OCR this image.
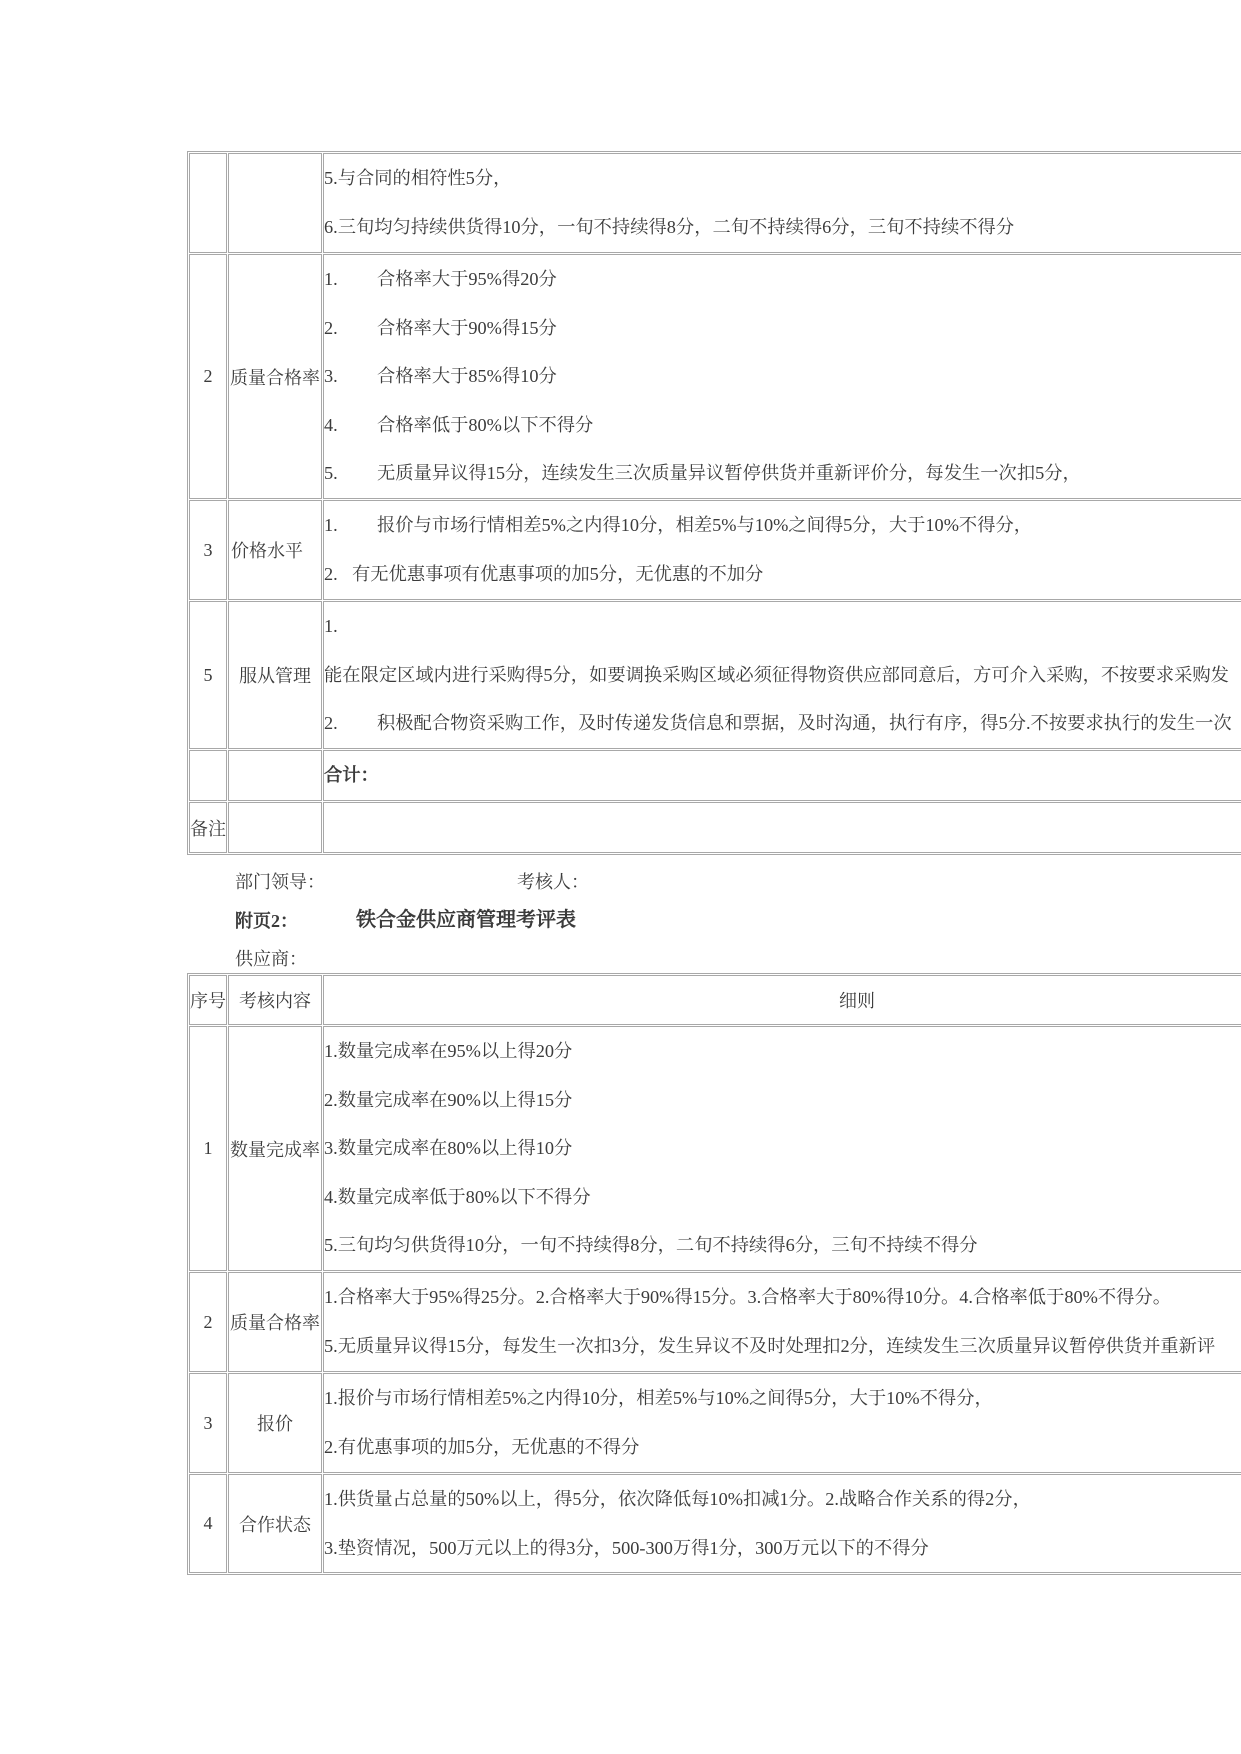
		5.与合同的相符性5分，
6.三旬均匀持续供货得10分，一旬不持续得8分，二旬不持续得6分，三旬不持续不得分

2	质量合格率	1. 合格率大于95%得20分
2. 合格率大于90%得15分
3. 合格率大于85%得10分
4. 合格率低于80%以下不得分
5. 无质量异议得15分，连续发生三次质量异议暂停供货并重新评价分，每发生一次扣5分，

3	价格水平	1. 报价与市场行情相差5%之内得10分，相差5%与10%之间得5分，大于10%不得分，
2. 有无优惠事项有优惠事项的加5分，无优惠的不加分

5	服从管理	1.
能在限定区域内进行采购得5分，如要调换采购区域必须征得物资供应部同意后，方可介入采购，不按要求采购发
2. 积极配合物资采购工作，及时传递发货信息和票据，及时沟通，执行有序，得5分.不按要求执行的发生一次

		合计：

备注		
部门领导：	考核人：
附页2：	铁合金供应商管理考评表
供应商：
序号	考核内容	细则
1	数量完成率	1.数量完成率在95%以上得20分
2.数量完成率在90%以上得15分
3.数量完成率在80%以上得10分
4.数量完成率低于80%以下不得分
5.三旬均匀供货得10分，一旬不持续得8分，二旬不持续得6分，三旬不持续不得分

2	质量合格率	1.合格率大于95%得25分。2.合格率大于90%得15分。3.合格率大于80%得10分。4.合格率低于80%不得分。
5.无质量异议得15分，每发生一次扣3分，发生异议不及时处理扣2分，连续发生三次质量异议暂停供货并重新评

3	报价	1.报价与市场行情相差5%之内得10分，相差5%与10%之间得5分，大于10%不得分，
2.有优惠事项的加5分，无优惠的不得分

4	合作状态	1.供货量占总量的50%以上，得5分，依次降低每10%扣减1分。2.战略合作关系的得2分，
3.垫资情况，500万元以上的得3分，500-300万得1分，300万元以下的不得分
